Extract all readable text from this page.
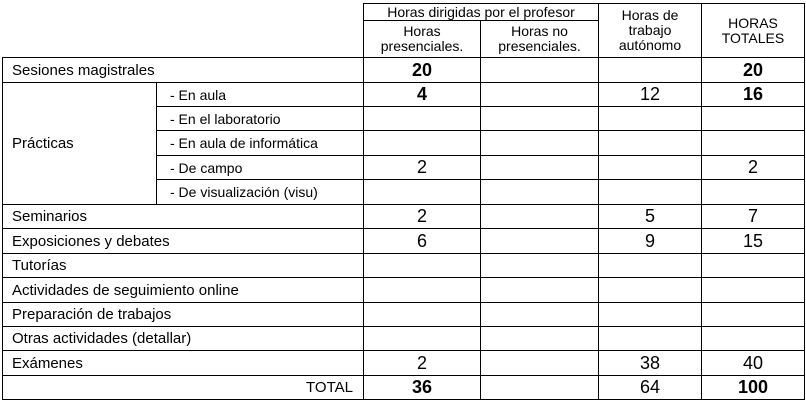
		Horas dirigidas por el profesor		Horas de trabajo autónomo	HORAS TOTALES
		Horas presenciales.	Horas no presenciales.		
Sesiones magistrales		20			20
Prácticas	- En aula	4		12	16
	- En el laboratorio				
	- En aula de informática				
	- De campo	2			2
	- De visualización (visu)				
Seminarios		2		5	7
Exposiciones y debates		6		9	15
Tutorías					
Actividades de seguimiento online					
Preparación de trabajos					
Otras actividades (detallar)					
Exámenes		2		38	40
TOTAL		36		64	100
